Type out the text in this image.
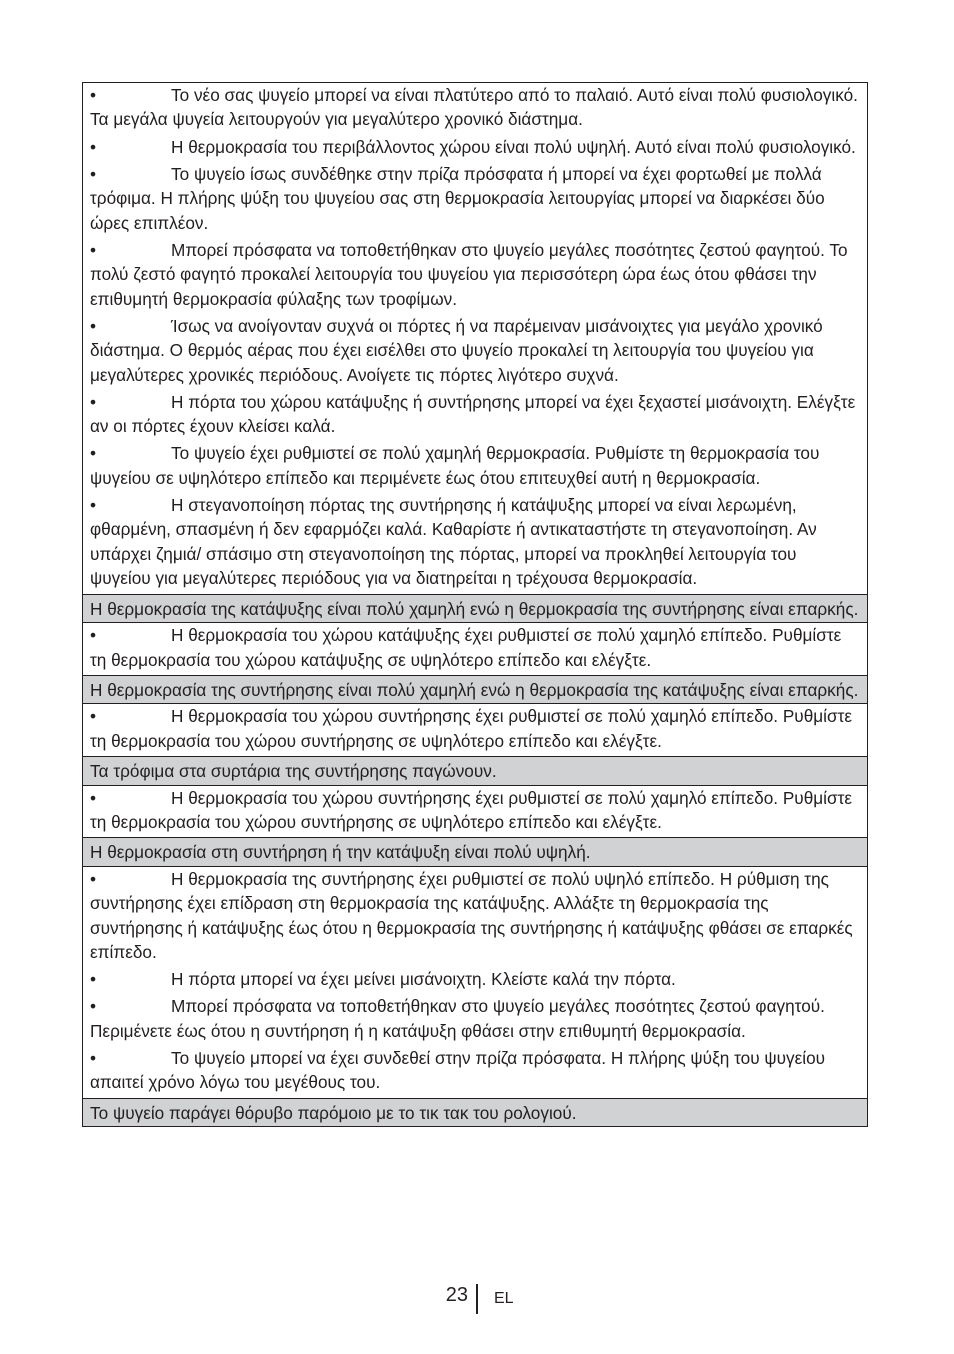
•Το νέο σας ψυγείο μπορεί να είναι πλατύτερο από το παλαιό. Αυτό είναι πολύ φυσιολογικό. Τα μεγάλα ψυγεία λειτουργούν για μεγαλύτερο χρονικό διάστημα.
•Η θερμοκρασία του περιβάλλοντος χώρου είναι πολύ υψηλή. Αυτό είναι πολύ φυσιολογικό.
•Το ψυγείο ίσως συνδέθηκε στην πρίζα πρόσφατα ή μπορεί να έχει φορτωθεί με πολλά τρόφιμα. Η πλήρης ψύξη του ψυγείου σας στη θερμοκρασία λειτουργίας μπορεί να διαρκέσει δύο ώρες επιπλέον.
•Μπορεί πρόσφατα να τοποθετήθηκαν στο ψυγείο μεγάλες ποσότητες ζεστού φαγητού. Το πολύ ζεστό φαγητό προκαλεί λειτουργία του ψυγείου για περισσότερη ώρα έως ότου φθάσει την επιθυμητή θερμοκρασία φύλαξης των τροφίμων.
•Ίσως να ανοίγονταν συχνά οι πόρτες ή να παρέμειναν μισάνοιχτες για μεγάλο χρονικό διάστημα. Ο θερμός αέρας που έχει εισέλθει στο ψυγείο προκαλεί τη λειτουργία του ψυγείου για μεγαλύτερες χρονικές περιόδους. Ανοίγετε τις πόρτες λιγότερο συχνά.
•Η πόρτα του χώρου κατάψυξης ή συντήρησης μπορεί να έχει ξεχαστεί μισάνοιχτη. Ελέγξτε αν οι πόρτες έχουν κλείσει καλά.
•Το ψυγείο έχει ρυθμιστεί σε πολύ χαμηλή θερμοκρασία. Ρυθμίστε τη θερμοκρασία του ψυγείου σε υψηλότερο επίπεδο και περιμένετε έως ότου επιτευχθεί αυτή η θερμοκρασία.
•Η στεγανοποίηση πόρτας της συντήρησης ή κατάψυξης μπορεί να είναι λερωμένη, φθαρμένη, σπασμένη ή δεν εφαρμόζει καλά. Καθαρίστε ή αντικαταστήστε τη στεγανοποίηση. Αν υπάρχει ζημιά/ σπάσιμο στη στεγανοποίηση της πόρτας, μπορεί να προκληθεί λειτουργία του ψυγείου για μεγαλύτερες περιόδους για να διατηρείται η τρέχουσα θερμοκρασία.
Η θερμοκρασία της κατάψυξης είναι πολύ χαμηλή ενώ η θερμοκρασία της συντήρησης είναι επαρκής.
•Η θερμοκρασία του χώρου κατάψυξης έχει ρυθμιστεί σε πολύ χαμηλό επίπεδο. Ρυθμίστε τη θερμοκρασία του χώρου κατάψυξης σε υψηλότερο επίπεδο και ελέγξτε.
Η θερμοκρασία της συντήρησης είναι πολύ χαμηλή ενώ η θερμοκρασία της κατάψυξης είναι επαρκής.
•Η θερμοκρασία του χώρου συντήρησης έχει ρυθμιστεί σε πολύ χαμηλό επίπεδο. Ρυθμίστε τη θερμοκρασία του χώρου συντήρησης σε υψηλότερο επίπεδο και ελέγξτε.
Τα τρόφιμα στα συρτάρια της συντήρησης παγώνουν.
•Η θερμοκρασία του χώρου συντήρησης έχει ρυθμιστεί σε πολύ χαμηλό επίπεδο. Ρυθμίστε τη θερμοκρασία του χώρου συντήρησης σε υψηλότερο επίπεδο και ελέγξτε.
Η θερμοκρασία στη συντήρηση ή την κατάψυξη είναι πολύ υψηλή.
•Η θερμοκρασία της συντήρησης έχει ρυθμιστεί σε πολύ υψηλό επίπεδο. Η ρύθμιση της συντήρησης έχει επίδραση στη θερμοκρασία της κατάψυξης. Αλλάξτε τη θερμοκρασία της συντήρησης ή κατάψυξης έως ότου η θερμοκρασία της συντήρησης ή κατάψυξης φθάσει σε επαρκές επίπεδο.
•Η πόρτα μπορεί να έχει μείνει μισάνοιχτη. Κλείστε καλά την πόρτα.
•Μπορεί πρόσφατα να τοποθετήθηκαν στο ψυγείο μεγάλες ποσότητες ζεστού φαγητού. Περιμένετε έως ότου η συντήρηση ή η κατάψυξη φθάσει στην επιθυμητή θερμοκρασία.
•Το ψυγείο μπορεί να έχει συνδεθεί στην πρίζα πρόσφατα. Η πλήρης ψύξη του ψυγείου απαιτεί χρόνο λόγω του μεγέθους του.
Το ψυγείο παράγει θόρυβο παρόμοιο με το τικ τακ του ρολογιού.
23 EL
